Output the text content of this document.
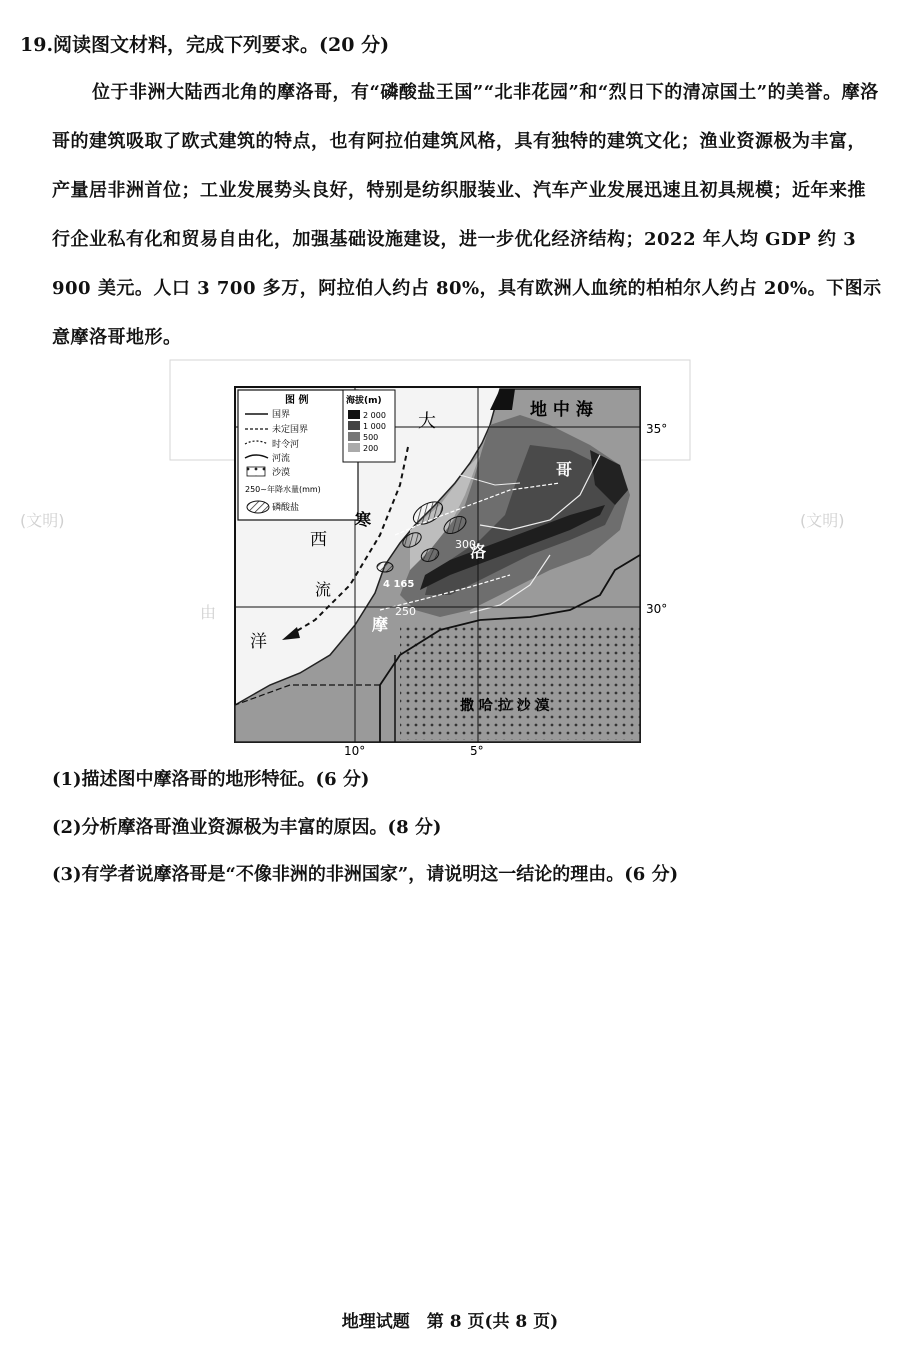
19.阅读图文材料，完成下列要求。(20 分)

位于非洲大陆西北角的摩洛哥，有“磷酸盐王国”“北非花园”和“烈日下的清凉国土”的美誉。摩洛哥的建筑吸取了欧式建筑的特点，也有阿拉伯建筑风格，具有独特的建筑文化；渔业资源极为丰富，产量居非洲首位；工业发展势头良好，特别是纺织服装业、汽车产业发展迅速且初具规模；近年来推行企业私有化和贸易自由化，加强基础设施建设，进一步优化经济结构；2022 年人均 GDP 约 3 900 美元。人口 3 700 多万，阿拉伯人约占 80%，具有欧洲人血统的柏柏尔人约占 20%。下图示意摩洛哥地形。

(文明)	(文明)
由
图 例
国界
未定国界
时令河
河流
沙漠
250~年降水量(mm)
磷酸盐
海拔(m)
2 000
1 000
500
200
大
地 中 海
西
寒
流
洋
摩
洛
哥
撒 哈 拉 沙 漠
4 165
300
250
35°
30°
10°	5°
(1)描述图中摩洛哥的地形特征。(6 分)
(2)分析摩洛哥渔业资源极为丰富的原因。(8 分)
(3)有学者说摩洛哥是“不像非洲的非洲国家”，请说明这一结论的理由。(6 分)
地理试题　第 8 页(共 8 页)
